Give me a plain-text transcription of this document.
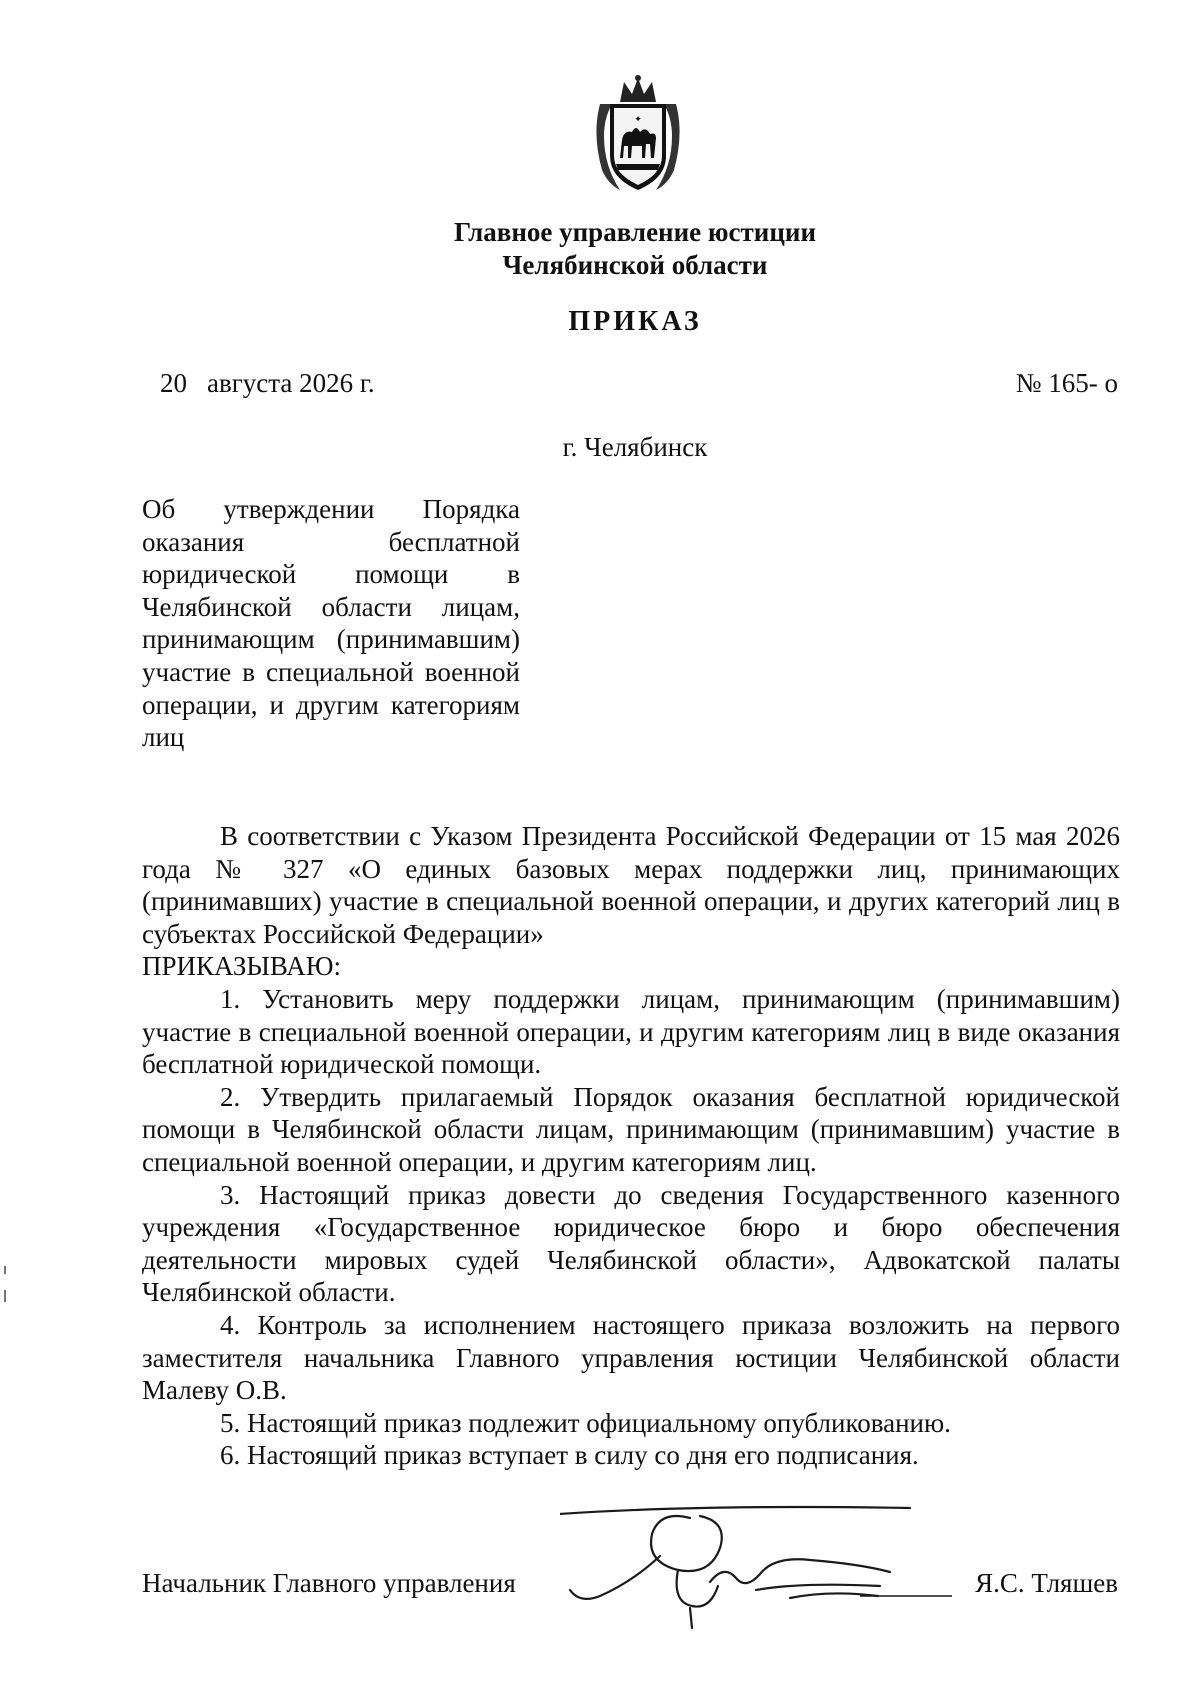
✦
Главное управление юстиции
Челябинской области
ПРИКАЗ
20 августа 2026 г.	№ 165- о
г. Челябинск
Об утверждении Порядка оказания бесплатной юридической помощи в Челябинской области лицам, принимающим (принимавшим) участие в специальной военной операции, и другим категориям лиц

В соответствии с Указом Президента Российской Федерации от 15 мая 2026 года № 327 «О единых базовых мерах поддержки лиц, принимающих (принимавших) участие в специальной военной операции, и других категорий лиц в субъектах Российской Федерации»

ПРИКАЗЫВАЮ:

1. Установить меру поддержки лицам, принимающим (принимавшим) участие в специальной военной операции, и другим категориям лиц в виде оказания бесплатной юридической помощи.

2. Утвердить прилагаемый Порядок оказания бесплатной юридической помощи в Челябинской области лицам, принимающим (принимавшим) участие в специальной военной операции, и другим категориям лиц.

3. Настоящий приказ довести до сведения Государственного казенного учреждения «Государственное юридическое бюро и бюро обеспечения деятельности мировых судей Челябинской области», Адвокатской палаты Челябинской области.

4. Контроль за исполнением настоящего приказа возложить на первого заместителя начальника Главного управления юстиции Челябинской области Малеву О.В.

5. Настоящий приказ подлежит официальному опубликованию.

6. Настоящий приказ вступает в силу со дня его подписания.

Начальник Главного управления	Я.С. Тляшев
